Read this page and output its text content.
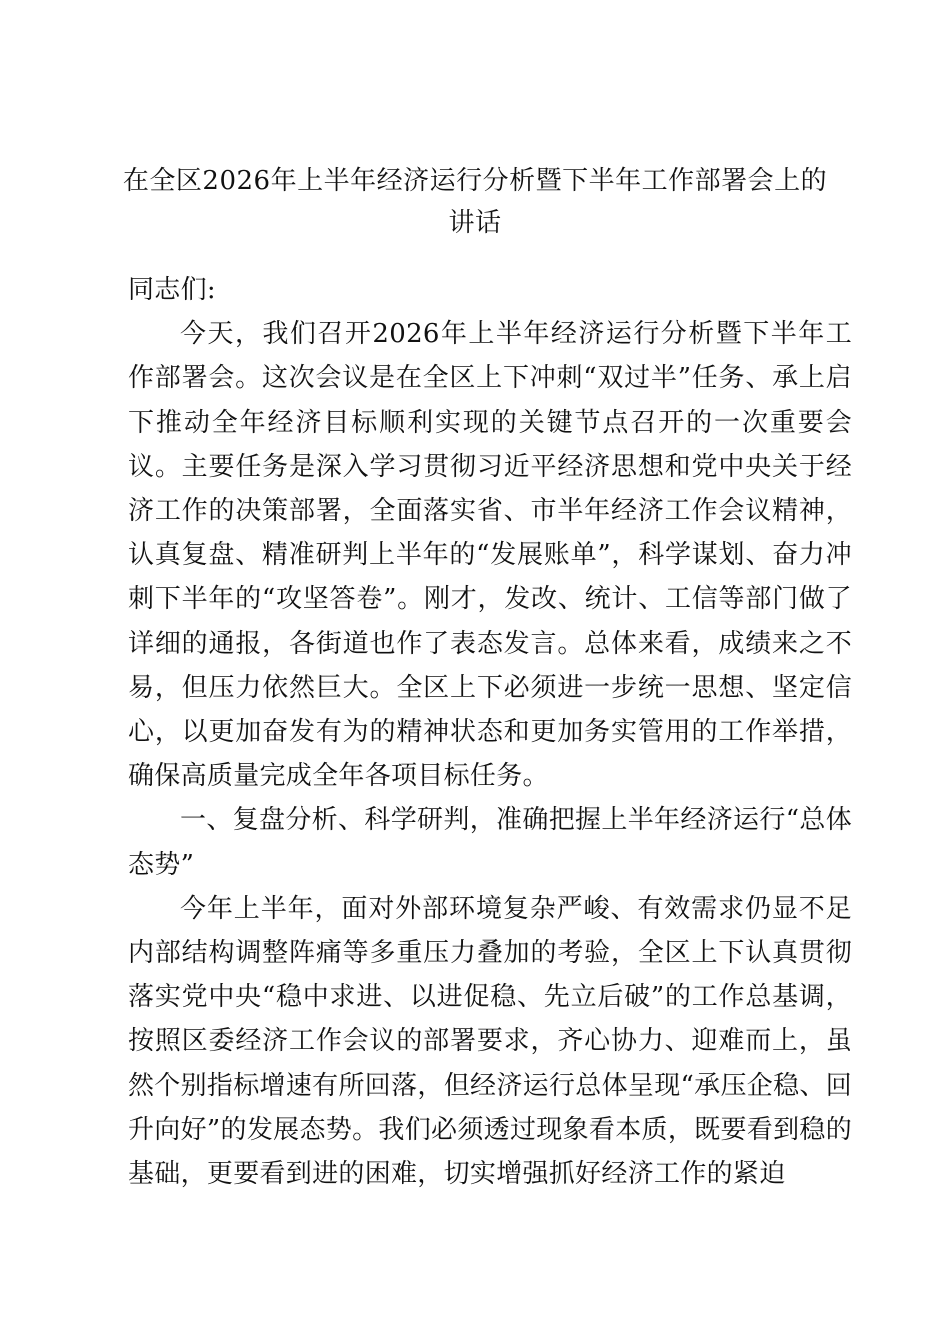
在全区2026年上半年经济运行分析暨下半年工作部署会上的讲话

同志们:

今天，我们召开2026年上半年经济运行分析暨下半年工作部署会。这次会议是在全区上下冲刺“双过半”任务、承上启下推动全年经济目标顺利实现的关键节点召开的一次重要会议。主要任务是深入学习贯彻习近平经济思想和党中央关于经济工作的决策部署，全面落实省、市半年经济工作会议精神，认真复盘、精准研判上半年的“发展账单”，科学谋划、奋力冲刺下半年的“攻坚答卷”。刚才，发改、统计、工信等部门做了详细的通报，各街道也作了表态发言。总体来看，成绩来之不易，但压力依然巨大。全区上下必须进一步统一思想、坚定信心，以更加奋发有为的精神状态和更加务实管用的工作举措，确保高质量完成全年各项目标任务。

一、复盘分析、科学研判，准确把握上半年经济运行“总体态势”

今年上半年，面对外部环境复杂严峻、有效需求仍显不足内部结构调整阵痛等多重压力叠加的考验，全区上下认真贯彻落实党中央“稳中求进、以进促稳、先立后破”的工作总基调，按照区委经济工作会议的部署要求，齐心协力、迎难而上，虽然个别指标增速有所回落，但经济运行总体呈现“承压企稳、回升向好”的发展态势。我们必须透过现象看本质，既要看到稳的基础，更要看到进的困难，切实增强抓好经济工作的紧迫
